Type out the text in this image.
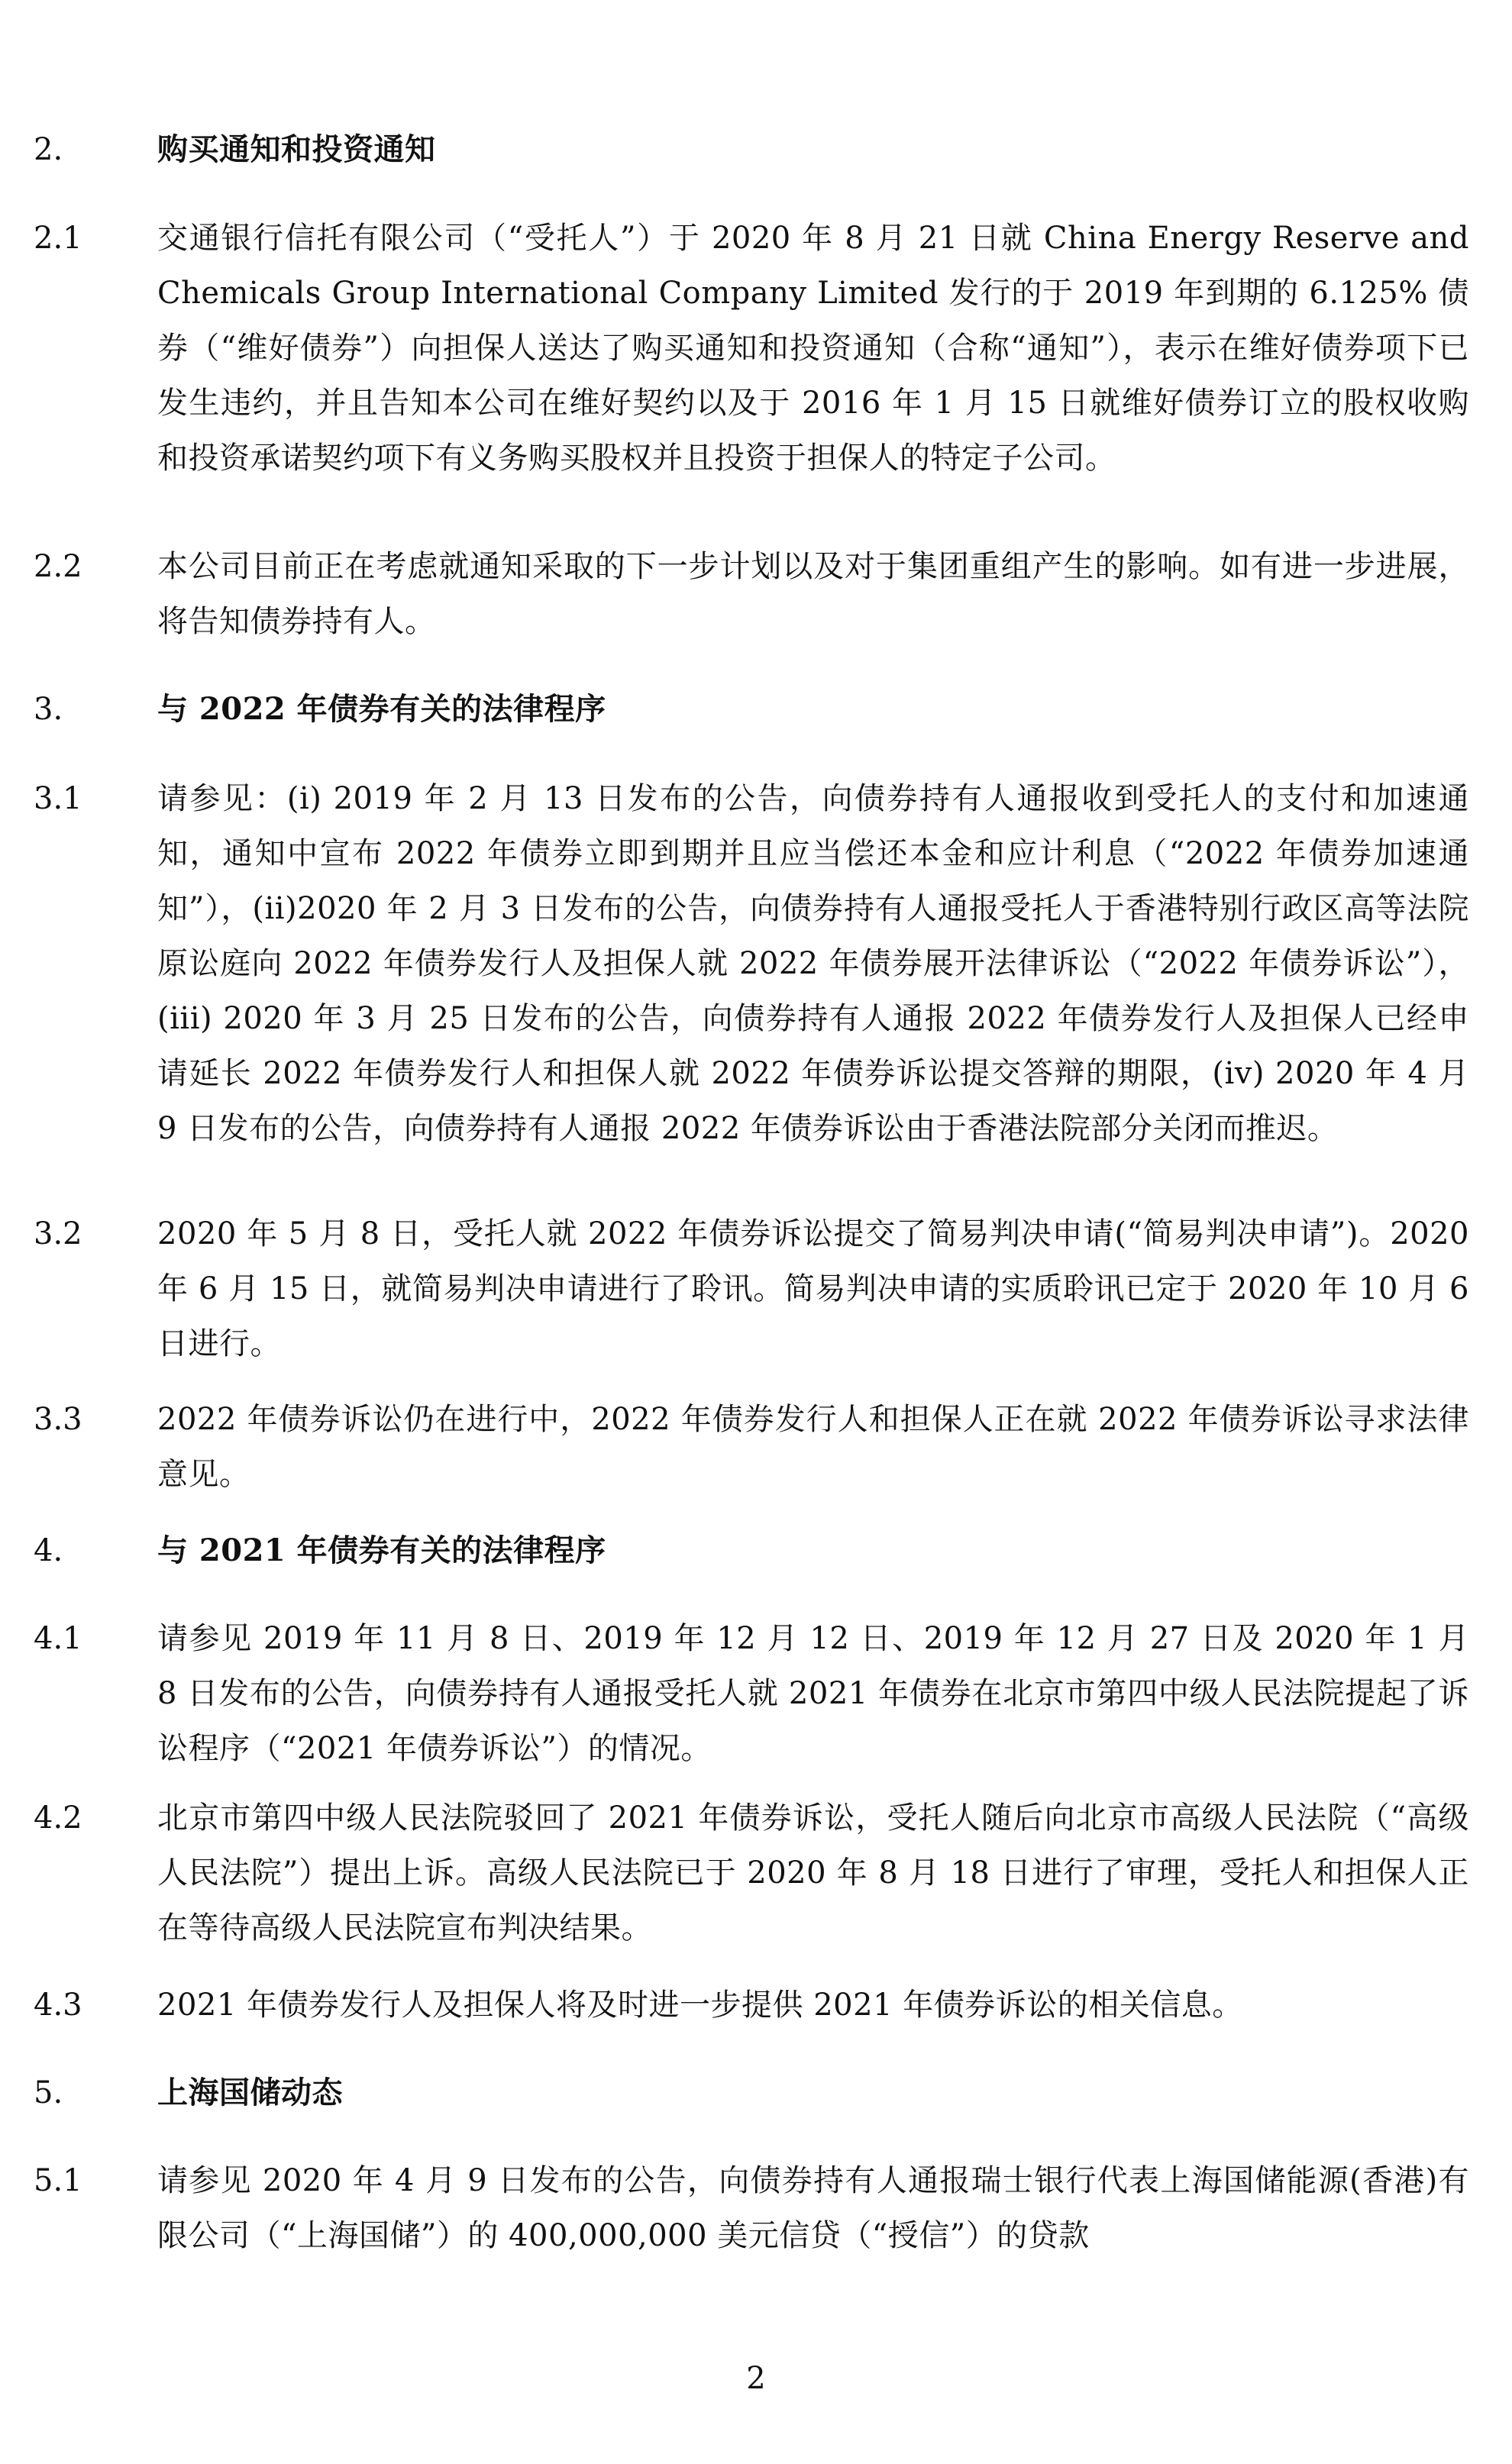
2.	购买通知和投资通知
2.1	交通银行信托有限公司（“受托人”）于 2020 年 8 月 21 日就 China Energy Reserve and Chemicals Group International Company Limited 发行的于 2019 年到期的 6.125% 债券（“维好债券”）向担保人送达了购买通知和投资通知（合称“通知”），表示在维好债券项下已发生违约，并且告知本公司在维好契约以及于 2016 年 1 月 15 日就维好债券订立的股权收购和投资承诺契约项下有义务购买股权并且投资于担保人的特定子公司。
2.2	本公司目前正在考虑就通知采取的下一步计划以及对于集团重组产生的影响。如有进一步进展，将告知债券持有人。
3.	与 2022 年债券有关的法律程序
3.1	请参见：(i) 2019 年 2 月 13 日发布的公告，向债券持有人通报收到受托人的支付和加速通知，通知中宣布 2022 年债券立即到期并且应当偿还本金和应计利息（“2022 年债券加速通知”），(ii)2020 年 2 月 3 日发布的公告，向债券持有人通报受托人于香港特别行政区高等法院原讼庭向 2022 年债券发行人及担保人就 2022 年债券展开法律诉讼（“2022 年债券诉讼”），(iii) 2020 年 3 月 25 日发布的公告，向债券持有人通报 2022 年债券发行人及担保人已经申请延长 2022 年债券发行人和担保人就 2022 年债券诉讼提交答辩的期限，(iv) 2020 年 4 月 9 日发布的公告，向债券持有人通报 2022 年债券诉讼由于香港法院部分关闭而推迟。
3.2	2020 年 5 月 8 日，受托人就 2022 年债券诉讼提交了简易判决申请(“简易判决申请”)。2020 年 6 月 15 日，就简易判决申请进行了聆讯。简易判决申请的实质聆讯已定于 2020 年 10 月 6 日进行。
3.3	2022 年债券诉讼仍在进行中，2022 年债券发行人和担保人正在就 2022 年债券诉讼寻求法律意见。
4.	与 2021 年债券有关的法律程序
4.1	请参见 2019 年 11 月 8 日、2019 年 12 月 12 日、2019 年 12 月 27 日及 2020 年 1 月 8 日发布的公告，向债券持有人通报受托人就 2021 年债券在北京市第四中级人民法院提起了诉讼程序（“2021 年债券诉讼”）的情况。
4.2	北京市第四中级人民法院驳回了 2021 年债券诉讼，受托人随后向北京市高级人民法院（“高级人民法院”）提出上诉。高级人民法院已于 2020 年 8 月 18 日进行了审理，受托人和担保人正在等待高级人民法院宣布判决结果。
4.3	2021 年债券发行人及担保人将及时进一步提供 2021 年债券诉讼的相关信息。
5.	上海国储动态
5.1	请参见 2020 年 4 月 9 日发布的公告，向债券持有人通报瑞士银行代表上海国储能源(香港)有限公司（“上海国储”）的 400,000,000 美元信贷（“授信”）的贷款
2
